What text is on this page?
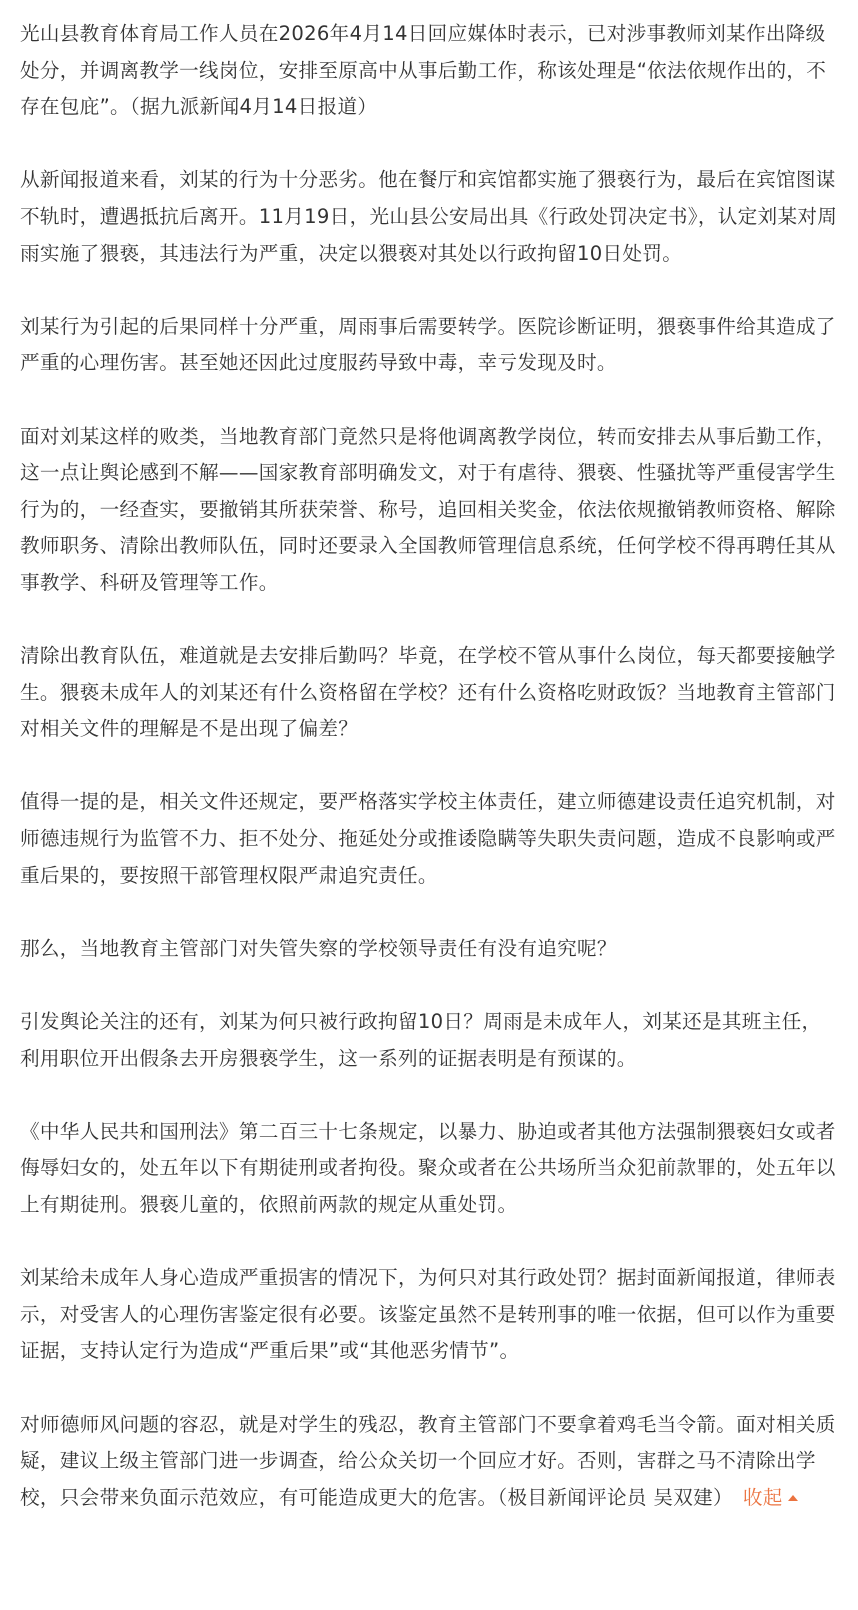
光山县教育体育局工作人员在2026年4月14日回应媒体时表示，已对涉事教师刘某作出降级处分，并调离教学一线岗位，安排至原高中从事后勤工作，称该处理是“依法依规作出的，不存在包庇”。（据九派新闻4月14日报道）

从新闻报道来看，刘某的行为十分恶劣。他在餐厅和宾馆都实施了猥亵行为，最后在宾馆图谋不轨时，遭遇抵抗后离开。11月19日，光山县公安局出具《行政处罚决定书》，认定刘某对周雨实施了猥亵，其违法行为严重，决定以猥亵对其处以行政拘留10日处罚。

刘某行为引起的后果同样十分严重，周雨事后需要转学。医院诊断证明，猥亵事件给其造成了严重的心理伤害。甚至她还因此过度服药导致中毒，幸亏发现及时。

面对刘某这样的败类，当地教育部门竟然只是将他调离教学岗位，转而安排去从事后勤工作，这一点让舆论感到不解——国家教育部明确发文，对于有虐待、猥亵、性骚扰等严重侵害学生行为的，一经查实，要撤销其所获荣誉、称号，追回相关奖金，依法依规撤销教师资格、解除教师职务、清除出教师队伍，同时还要录入全国教师管理信息系统，任何学校不得再聘任其从事教学、科研及管理等工作。

清除出教育队伍，难道就是去安排后勤吗？毕竟，在学校不管从事什么岗位，每天都要接触学生。猥亵未成年人的刘某还有什么资格留在学校？还有什么资格吃财政饭？当地教育主管部门对相关文件的理解是不是出现了偏差？

值得一提的是，相关文件还规定，要严格落实学校主体责任，建立师德建设责任追究机制，对师德违规行为监管不力、拒不处分、拖延处分或推诿隐瞒等失职失责问题，造成不良影响或严重后果的，要按照干部管理权限严肃追究责任。

那么，当地教育主管部门对失管失察的学校领导责任有没有追究呢？

引发舆论关注的还有，刘某为何只被行政拘留10日？周雨是未成年人，刘某还是其班主任，利用职位开出假条去开房猥亵学生，这一系列的证据表明是有预谋的。

《中华人民共和国刑法》第二百三十七条规定，以暴力、胁迫或者其他方法强制猥亵妇女或者侮辱妇女的，处五年以下有期徒刑或者拘役。聚众或者在公共场所当众犯前款罪的，处五年以上有期徒刑。猥亵儿童的，依照前两款的规定从重处罚。

刘某给未成年人身心造成严重损害的情况下，为何只对其行政处罚？据封面新闻报道，律师表示，对受害人的心理伤害鉴定很有必要。该鉴定虽然不是转刑事的唯一依据，但可以作为重要证据，支持认定行为造成“严重后果”或“其他恶劣情节”。

对师德师风问题的容忍，就是对学生的残忍，教育主管部门不要拿着鸡毛当令箭。面对相关质疑，建议上级主管部门进一步调查，给公众关切一个回应才好。否则，害群之马不清除出学校，只会带来负面示范效应，有可能造成更大的危害。（极目新闻评论员 吴双建） 收起
